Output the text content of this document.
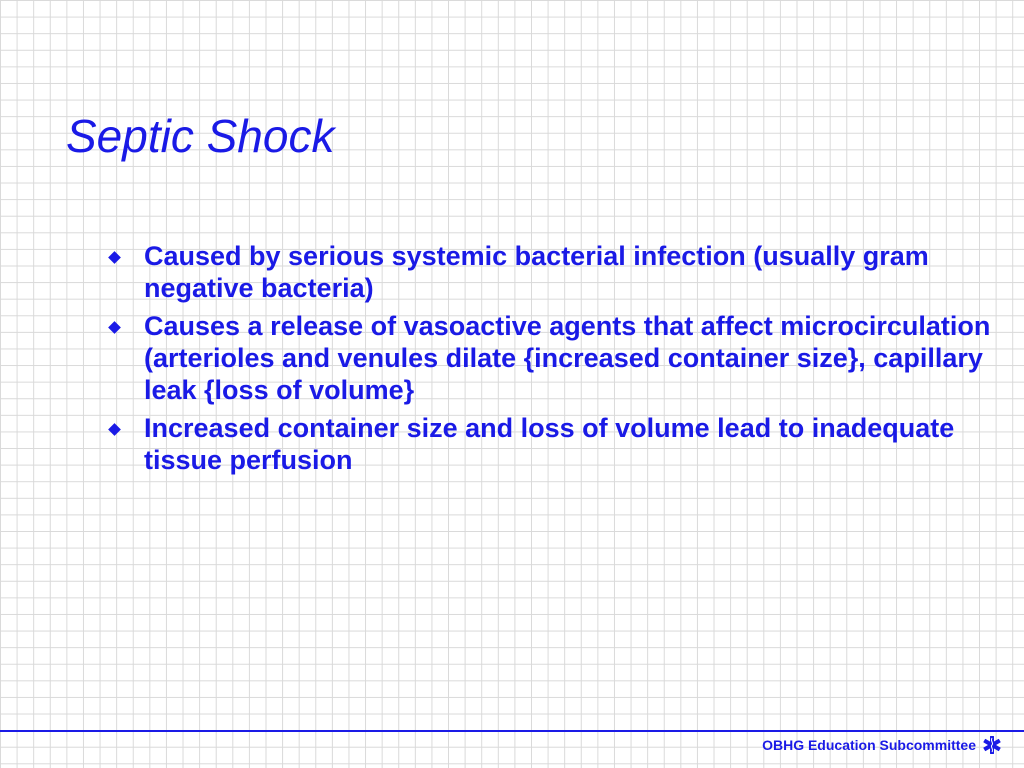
Septic Shock
Caused by serious systemic bacterial infection (usually gram negative bacteria)
Causes a release of vasoactive agents that affect microcirculation (arterioles and venules dilate {increased container size}, capillary leak {loss of volume}
Increased container size and loss of volume lead to inadequate tissue perfusion
OBHG Education Subcommittee
